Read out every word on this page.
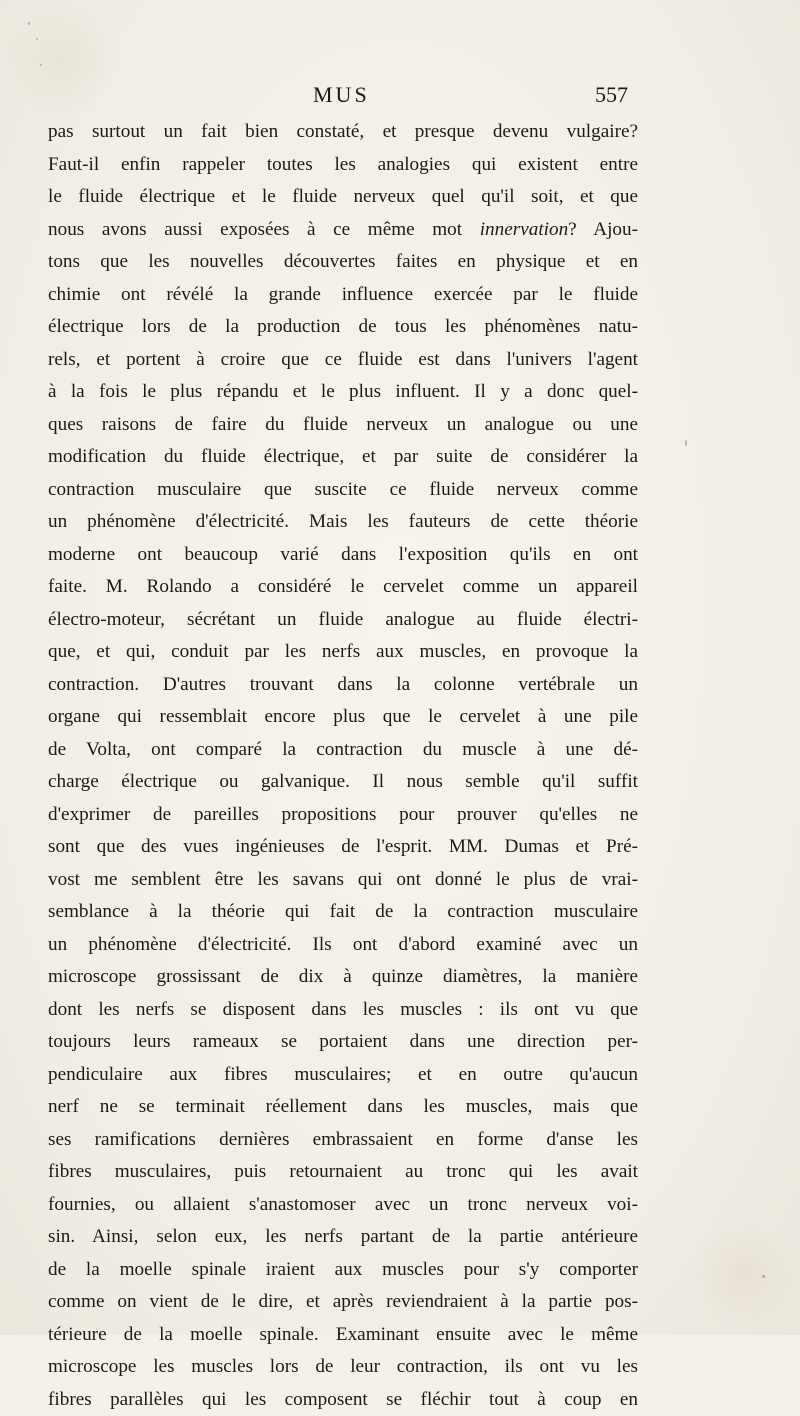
MUS	557
pas surtout un fait bien constaté, et presque devenu vulgaire?
Faut-il enfin rappeler toutes les analogies qui existent entre
le fluide électrique et le fluide nerveux quel qu'il soit, et que
nous avons aussi exposées à ce même mot innervation? Ajou-
tons que les nouvelles découvertes faites en physique et en
chimie ont révélé la grande influence exercée par le fluide
électrique lors de la production de tous les phénomènes natu-
rels, et portent à croire que ce fluide est dans l'univers l'agent
à la fois le plus répandu et le plus influent. Il y a donc quel-
ques raisons de faire du fluide nerveux un analogue ou une
modification du fluide électrique, et par suite de considérer la
contraction musculaire que suscite ce fluide nerveux comme
un phénomène d'électricité. Mais les fauteurs de cette théorie
moderne ont beaucoup varié dans l'exposition qu'ils en ont
faite. M. Rolando a considéré le cervelet comme un appareil
électro-moteur, sécrétant un fluide analogue au fluide électri-
que, et qui, conduit par les nerfs aux muscles, en provoque la
contraction. D'autres trouvant dans la colonne vertébrale un
organe qui ressemblait encore plus que le cervelet à une pile
de Volta, ont comparé la contraction du muscle à une dé-
charge électrique ou galvanique. Il nous semble qu'il suffit
d'exprimer de pareilles propositions pour prouver qu'elles ne
sont que des vues ingénieuses de l'esprit. MM. Dumas et Pré-
vost me semblent être les savans qui ont donné le plus de vrai-
semblance à la théorie qui fait de la contraction musculaire
un phénomène d'électricité. Ils ont d'abord examiné avec un
microscope grossissant de dix à quinze diamètres, la manière
dont les nerfs se disposent dans les muscles : ils ont vu que
toujours leurs rameaux se portaient dans une direction per-
pendiculaire aux fibres musculaires; et en outre qu'aucun
nerf ne se terminait réellement dans les muscles, mais que
ses ramifications dernières embrassaient en forme d'anse les
fibres musculaires, puis retournaient au tronc qui les avait
fournies, ou allaient s'anastomoser avec un tronc nerveux voi-
sin. Ainsi, selon eux, les nerfs partant de la partie antérieure
de la moelle spinale iraient aux muscles pour s'y comporter
comme on vient de le dire, et après reviendraient à la partie pos-
térieure de la moelle spinale. Examinant ensuite avec le même
microscope les muscles lors de leur contraction, ils ont vu les
fibres parallèles qui les composent se fléchir tout à coup en
